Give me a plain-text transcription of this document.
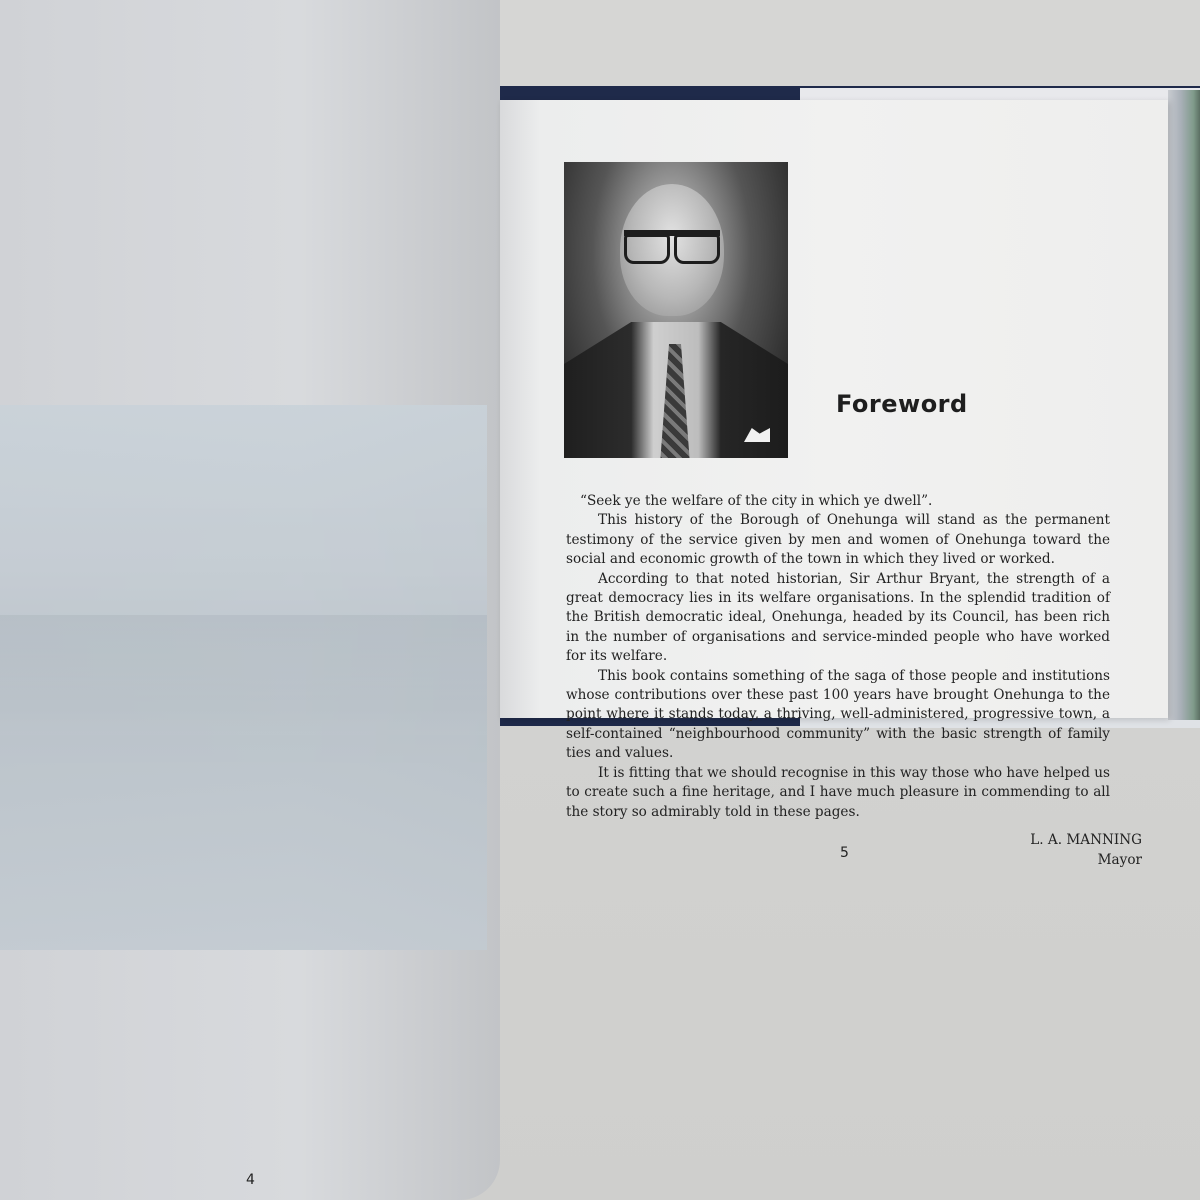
4
Foreword

“Seek ye the welfare of the city in which ye dwell”.

This history of the Borough of Onehunga will stand as the permanent testimony of the service given by men and women of Onehunga toward the social and economic growth of the town in which they lived or worked.

According to that noted historian, Sir Arthur Bryant, the strength of a great democracy lies in its welfare organisations. In the splendid tradition of the British democratic ideal, Onehunga, headed by its Council, has been rich in the number of organisations and service-minded people who have worked for its welfare.

This book contains something of the saga of those people and institutions whose contributions over these past 100 years have brought Onehunga to the point where it stands today, a thriving, well-administered, progressive town, a self-contained “neighbourhood community” with the basic strength of family ties and values.

It is fitting that we should recognise in this way those who have helped us to create such a fine heritage, and I have much pleasure in commending to all the story so admirably told in these pages.

L. A. MANNING
Mayor
5
